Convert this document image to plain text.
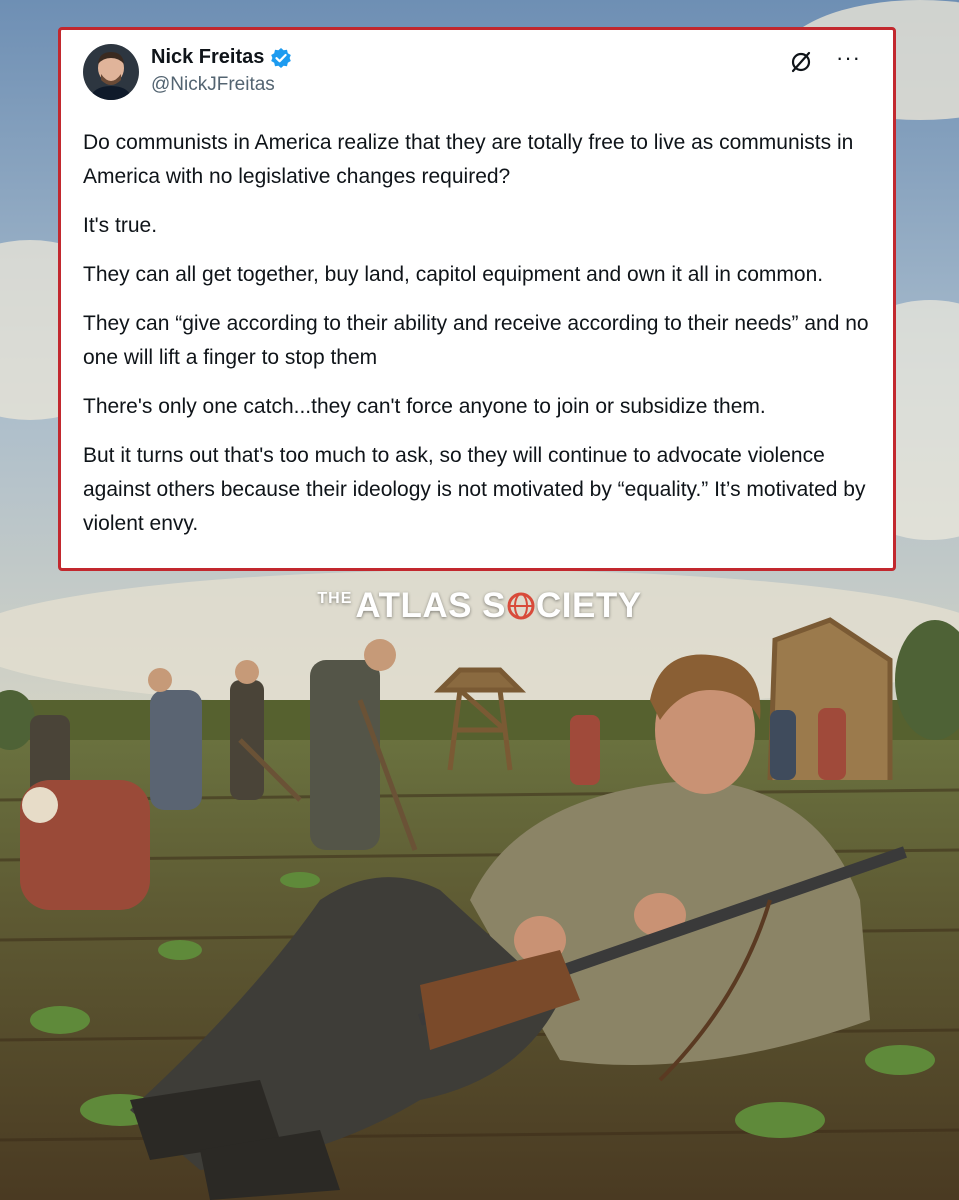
Nick Freitas
@NickJFreitas
···

Do communists in America realize that they are totally free to live as communists in America with no legislative changes required?

It's true.

They can all get together, buy land, capitol equipment and own it all in common.

They can “give according to their ability and receive according to their needs” and no one will lift a finger to stop them

There's only one catch...they can't force anyone to join or subsidize them.

But it turns out that's too much to ask, so they will continue to advocate violence against others because their ideology is not motivated by “equality.” It’s motivated by violent envy.

THEATLAS S CIETY
